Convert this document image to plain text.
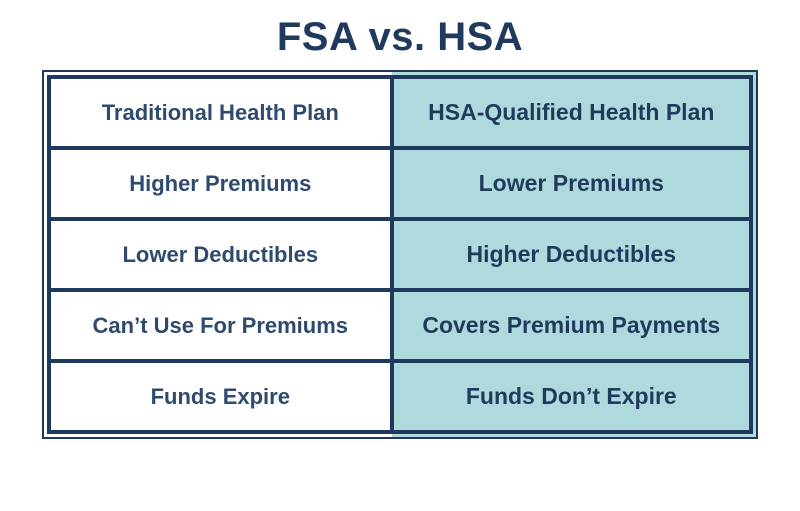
FSA vs. HSA
Traditional Health Plan	HSA-Qualified Health Plan
Higher Premiums	Lower Premiums
Lower Deductibles	Higher Deductibles
Can’t Use For Premiums	Covers Premium Payments
Funds Expire	Funds Don’t Expire
